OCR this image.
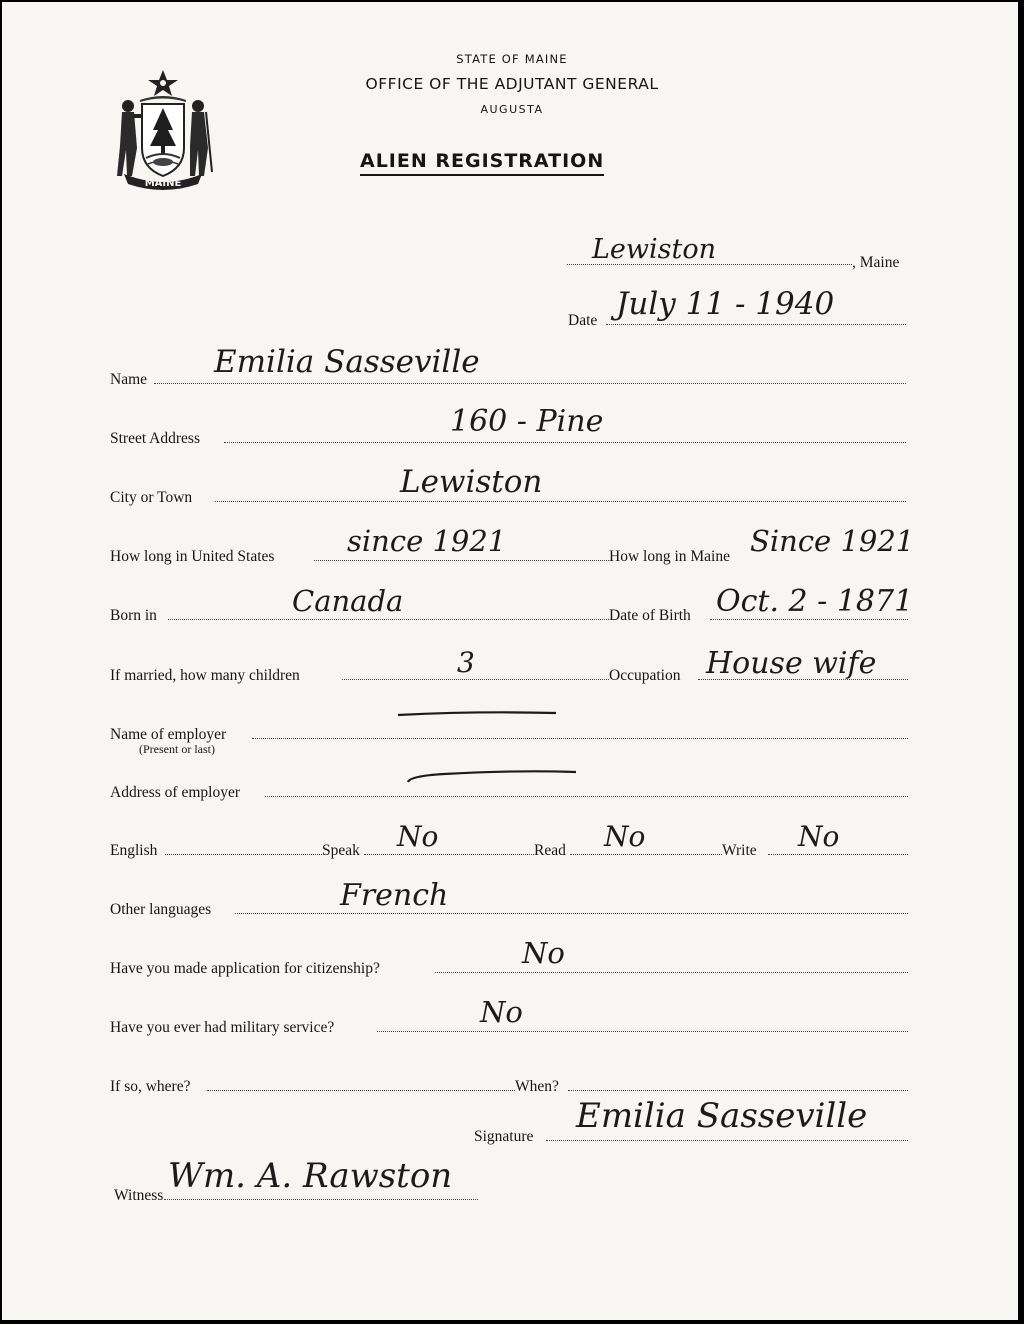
MAINE
STATE OF MAINE
OFFICE OF THE ADJUTANT GENERAL
AUGUSTA
ALIEN REGISTRATION
Lewiston	, Maine
Date July 11 - 1940
Name Emilia Sasseville
Street Address	160 - Pine
City or Town	Lewiston
How long in United States	since 1921	How long in Maine Since 1921
Born in	Canada	Date of Birth Oct. 2 - 1871
If married, how many children	3	Occupation House wife
Name of employer
(Present or last)
Address of employer
English	Speak No	Read No	Write No
Other languages	French
Have you made application for citizenship?	No
Have you ever had military service?	No
If so, where?	When?
Signature
Emilia Sasseville
Witness Wm. A. Rawston
